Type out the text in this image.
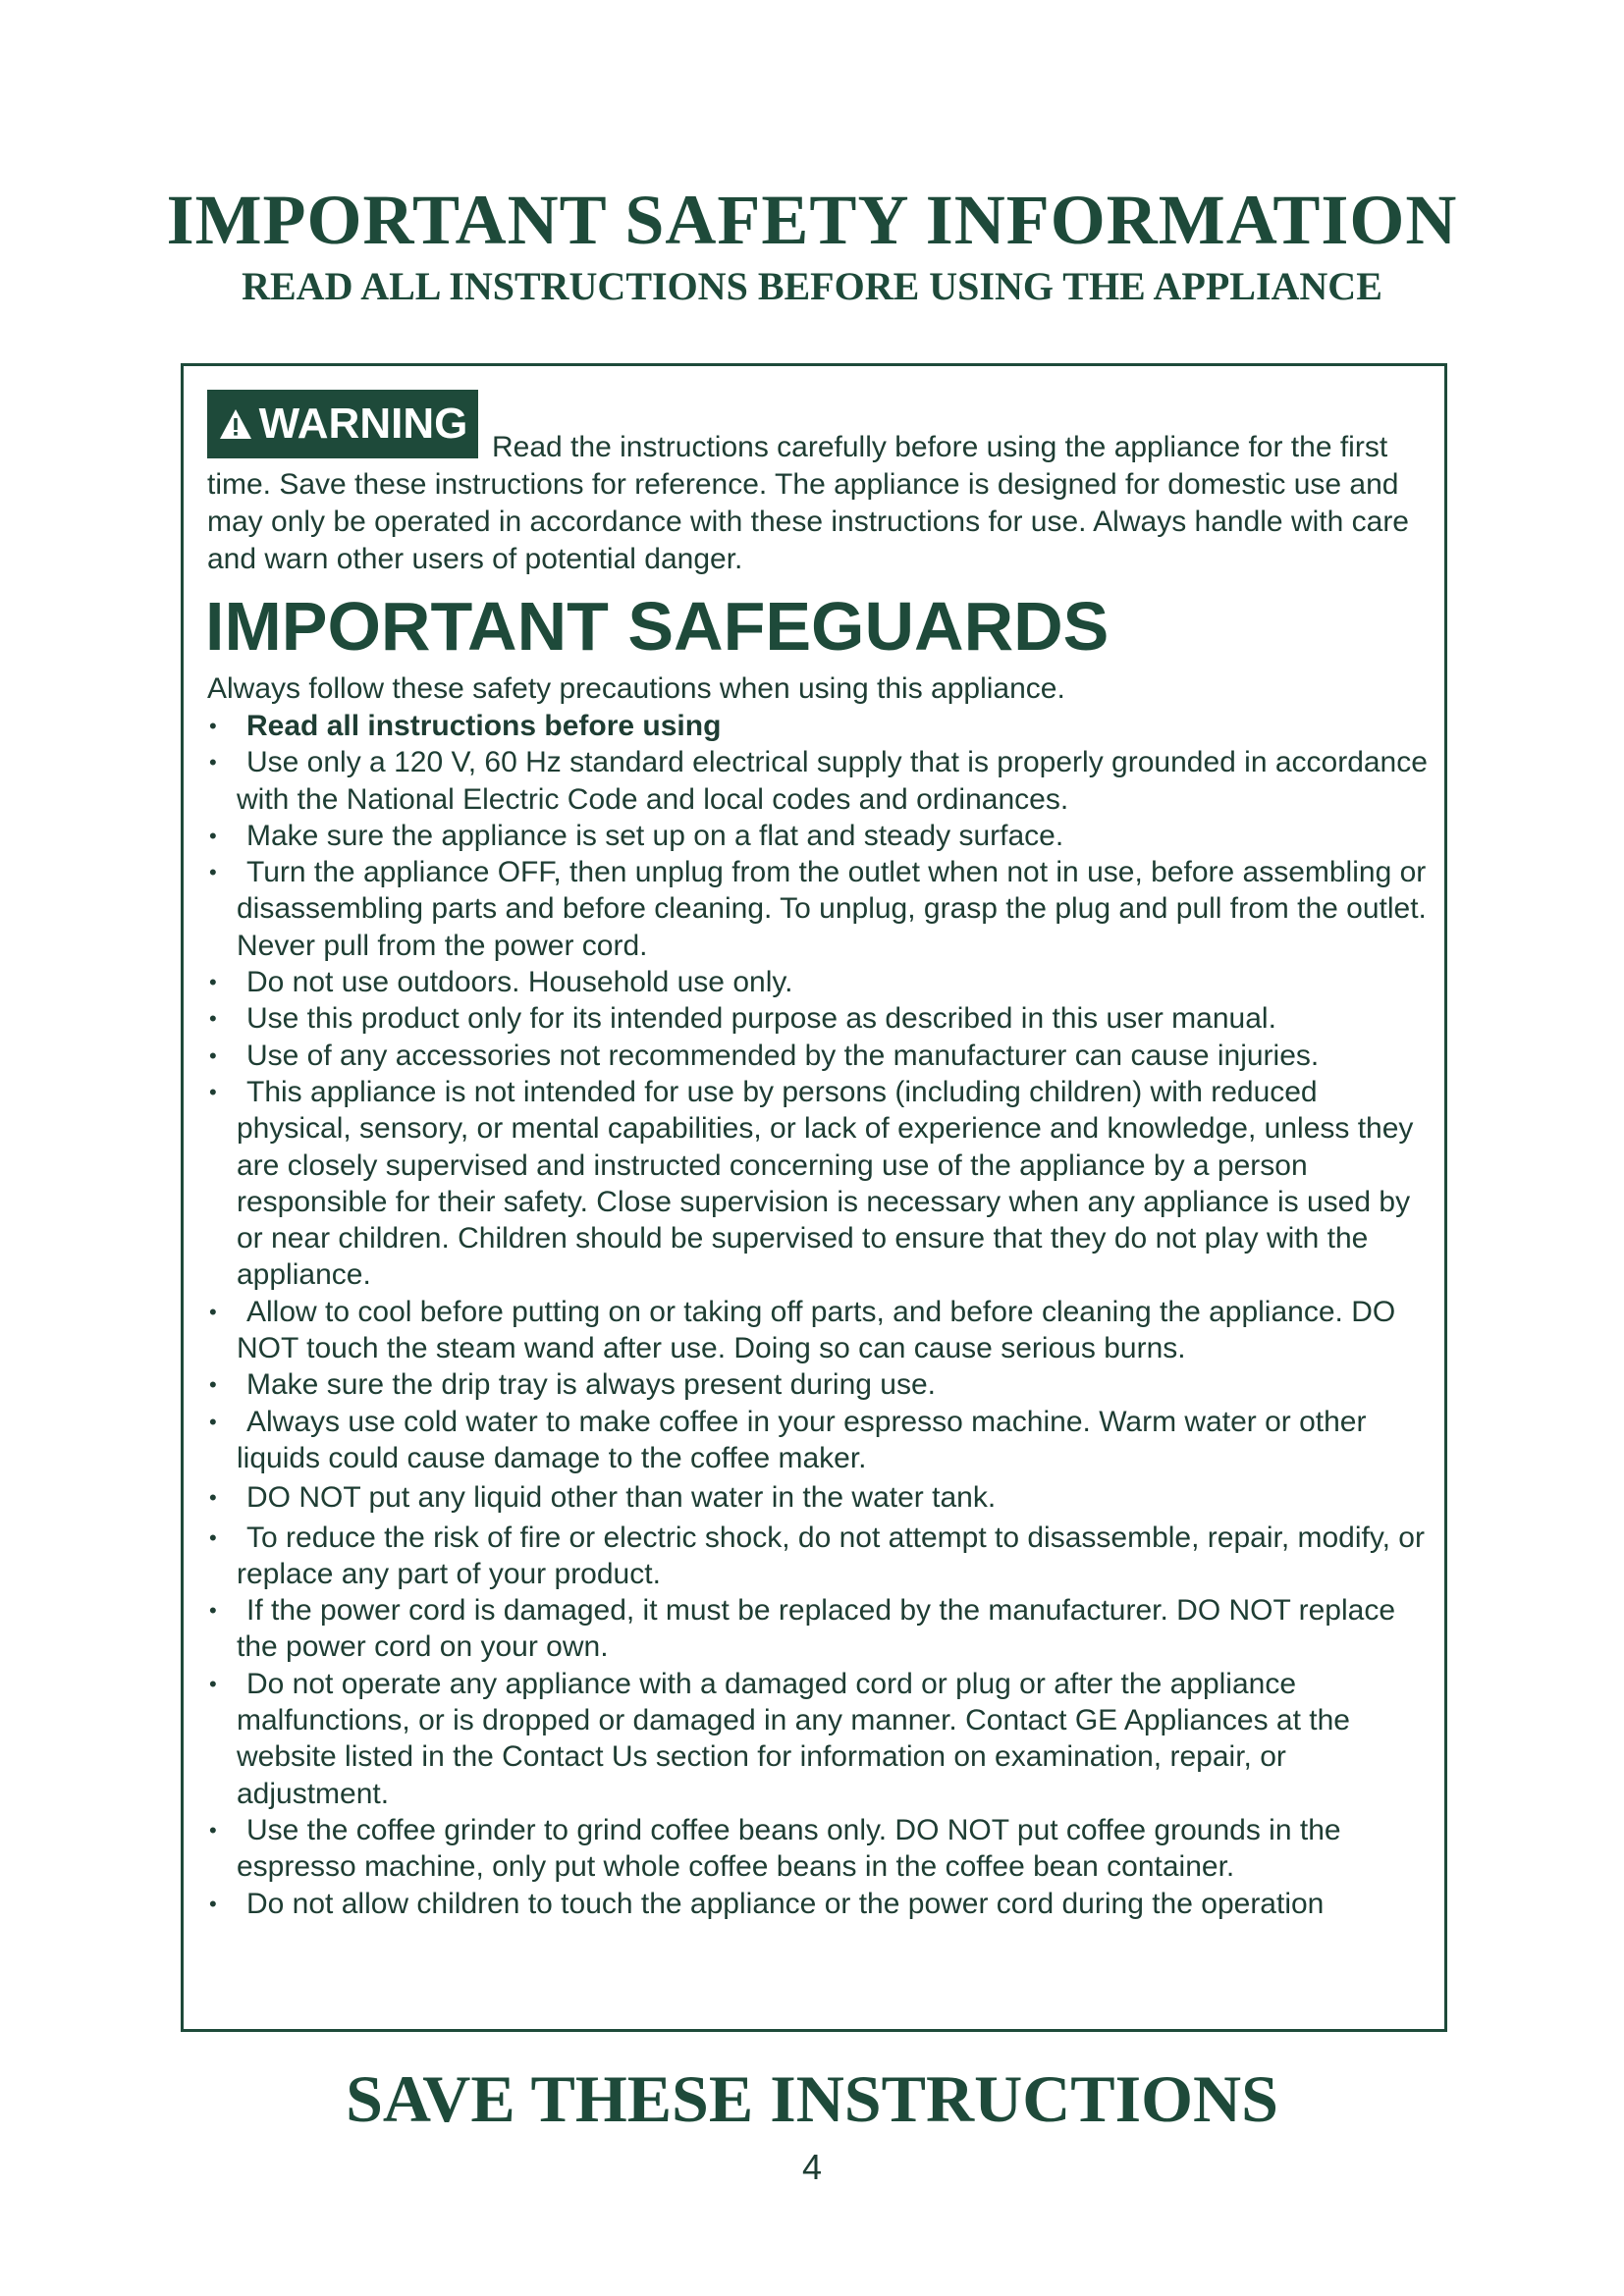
IMPORTANT SAFETY INFORMATION
READ ALL INSTRUCTIONS BEFORE USING THE APPLIANCE
WARNING Read the instructions carefully before using the appliance for the first time. Save these instructions for reference. The appliance is designed for domestic use and may only be operated in accordance with these instructions for use. Always handle with care and warn other users of potential danger.

IMPORTANT SAFEGUARDS

Always follow these safety precautions when using this appliance.

•	Read all instructions before using
•	Use only a 120 V, 60 Hz standard electrical supply that is properly grounded in accordance with the National Electric Code and local codes and ordinances.
•	Make sure the appliance is set up on a flat and steady surface.
•	Turn the appliance OFF, then unplug from the outlet when not in use, before assembling or disassembling parts and before cleaning. To unplug, grasp the plug and pull from the outlet. Never pull from the power cord.
•	Do not use outdoors. Household use only.
•	Use this product only for its intended purpose as described in this user manual.
•	Use of any accessories not recommended by the manufacturer can cause injuries.
•	This appliance is not intended for use by persons (including children) with reduced physical, sensory, or mental capabilities, or lack of experience and knowledge, unless they are closely supervised and instructed concerning use of the appliance by a person responsible for their safety. Close supervision is necessary when any appliance is used by or near children. Children should be supervised to ensure that they do not play with the appliance.
•	Allow to cool before putting on or taking off parts, and before cleaning the appliance. DO NOT touch the steam wand after use. Doing so can cause serious burns.
•	Make sure the drip tray is always present during use.
•	Always use cold water to make coffee in your espresso machine. Warm water or other liquids could cause damage to the coffee maker.
•	DO NOT put any liquid other than water in the water tank.
•	To reduce the risk of fire or electric shock, do not attempt to disassemble, repair, modify, or replace any part of your product.
•	If the power cord is damaged, it must be replaced by the manufacturer. DO NOT replace the power cord on your own.
•	Do not operate any appliance with a damaged cord or plug or after the appliance malfunctions, or is dropped or damaged in any manner. Contact GE Appliances at the website listed in the Contact Us section for information on examination, repair, or adjustment.
•	Use the coffee grinder to grind coffee beans only. DO NOT put coffee grounds in the espresso machine, only put whole coffee beans in the coffee bean container.
•	Do not allow children to touch the appliance or the power cord during the operation
SAVE THESE INSTRUCTIONS

4
